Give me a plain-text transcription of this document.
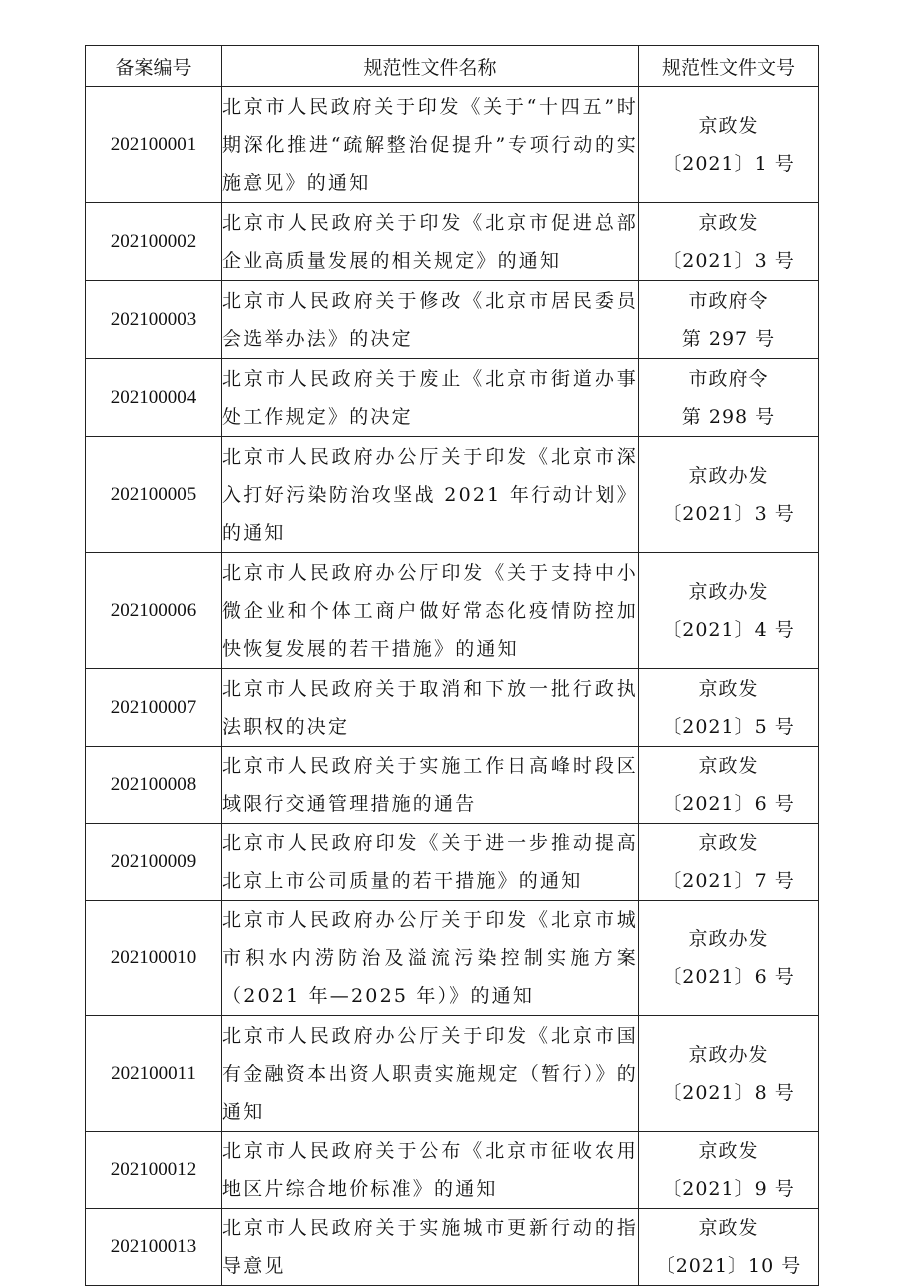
备案编号	规范性文件名称	规范性文件文号
202100001	北京市人民政府关于印发《关于“十四五”时期深化推进“疏解整治促提升”专项行动的实施意见》的通知	京政发
〔2021〕1 号

202100002	北京市人民政府关于印发《北京市促进总部企业高质量发展的相关规定》的通知	京政发
〔2021〕3 号

202100003	北京市人民政府关于修改《北京市居民委员会选举办法》的决定	市政府令
第 297 号

202100004	北京市人民政府关于废止《北京市街道办事处工作规定》的决定	市政府令
第 298 号

202100005	北京市人民政府办公厅关于印发《北京市深入打好污染防治攻坚战 2021 年行动计划》的通知	京政办发
〔2021〕3 号

202100006	北京市人民政府办公厅印发《关于支持中小微企业和个体工商户做好常态化疫情防控加快恢复发展的若干措施》的通知	京政办发
〔2021〕4 号

202100007	北京市人民政府关于取消和下放一批行政执法职权的决定	京政发
〔2021〕5 号

202100008	北京市人民政府关于实施工作日高峰时段区域限行交通管理措施的通告	京政发
〔2021〕6 号

202100009	北京市人民政府印发《关于进一步推动提高北京上市公司质量的若干措施》的通知	京政发
〔2021〕7 号

202100010	北京市人民政府办公厅关于印发《北京市城市积水内涝防治及溢流污染控制实施方案（2021 年—2025 年）》的通知	京政办发
〔2021〕6 号

202100011	北京市人民政府办公厅关于印发《北京市国有金融资本出资人职责实施规定（暂行）》的通知	京政办发
〔2021〕8 号

202100012	北京市人民政府关于公布《北京市征收农用地区片综合地价标准》的通知	京政发
〔2021〕9 号

202100013	北京市人民政府关于实施城市更新行动的指导意见	京政发
〔2021〕10 号
